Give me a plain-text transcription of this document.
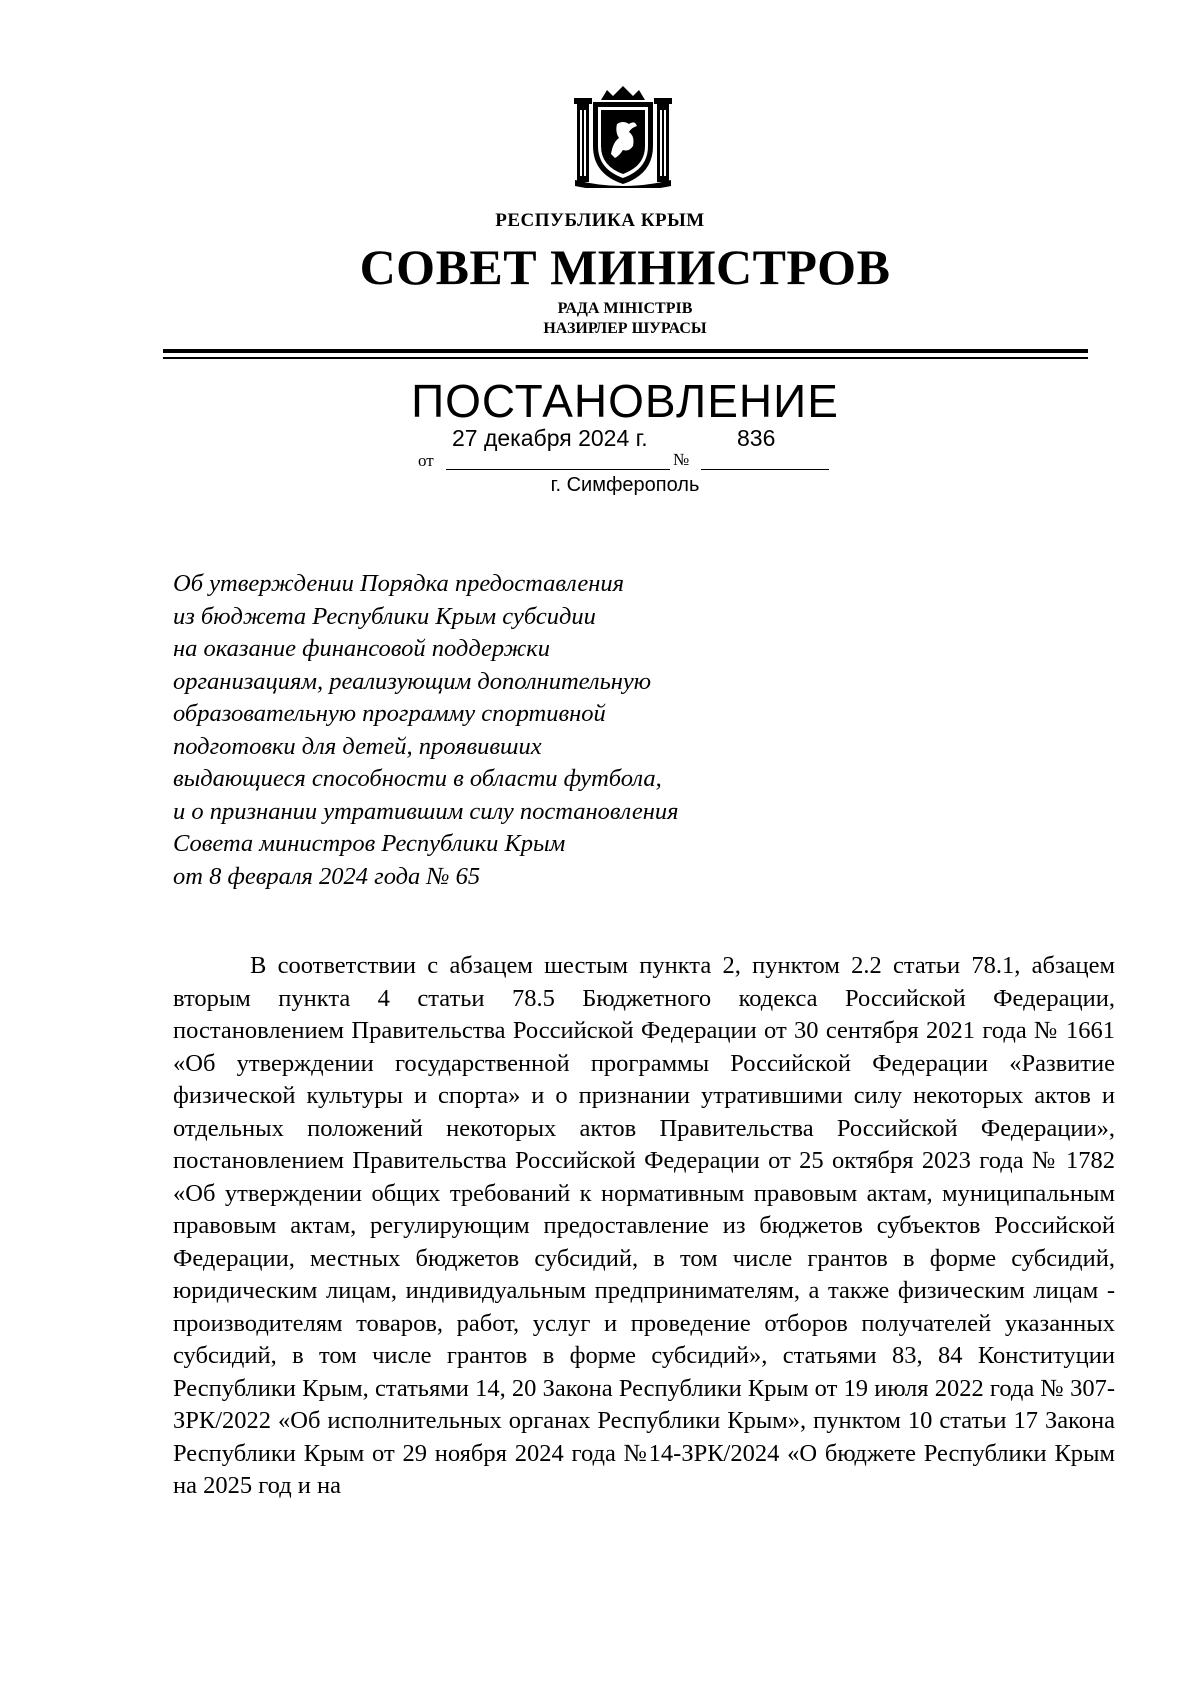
РЕСПУБЛИКА КРЫМ
СОВЕТ МИНИСТРОВ
РАДА МІНІСТРІВ
НАЗИРЛЕР ШУРАСЫ
ПОСТАНОВЛЕНИЕ
27 декабря 2024 г.	836
от	№
г. Симферополь
Об утверждении Порядка предоставления
из бюджета Республики Крым субсидии
на оказание финансовой поддержки
организациям, реализующим дополнительную
образовательную программу спортивной
подготовки для детей, проявивших
выдающиеся способности в области футбола,
и о признании утратившим силу постановления
Совета министров Республики Крым
от 8 февраля 2024 года № 65
В соответствии с абзацем шестым пункта 2, пунктом 2.2 статьи 78.1, абзацем вторым пункта 4 статьи 78.5 Бюджетного кодекса Российской Федерации, постановлением Правительства Российской Федерации от 30 сентября 2021 года № 1661 «Об утверждении государственной программы Российской Федерации «Развитие физической культуры и спорта» и о признании утратившими силу некоторых актов и отдельных положений некоторых актов Правительства Российской Федерации», постановлением Правительства Российской Федерации от 25 октября 2023 года № 1782 «Об утверждении общих требований к нормативным правовым актам, муниципальным правовым актам, регулирующим предоставление из бюджетов субъектов Российской Федерации, местных бюджетов субсидий, в том числе грантов в форме субсидий, юридическим лицам, индивидуальным предпринимателям, а также физическим лицам - производителям товаров, работ, услуг и проведение отборов получателей указанных субсидий, в том числе грантов в форме субсидий», статьями 83, 84 Конституции Республики Крым, статьями 14, 20 Закона Республики Крым от 19 июля 2022 года № 307-ЗРК/2022 «Об исполнительных органах Республики Крым», пунктом 10 статьи 17 Закона Республики Крым от 29 ноября 2024 года №14-ЗРК/2024 «О бюджете Республики Крым на 2025 год и на
